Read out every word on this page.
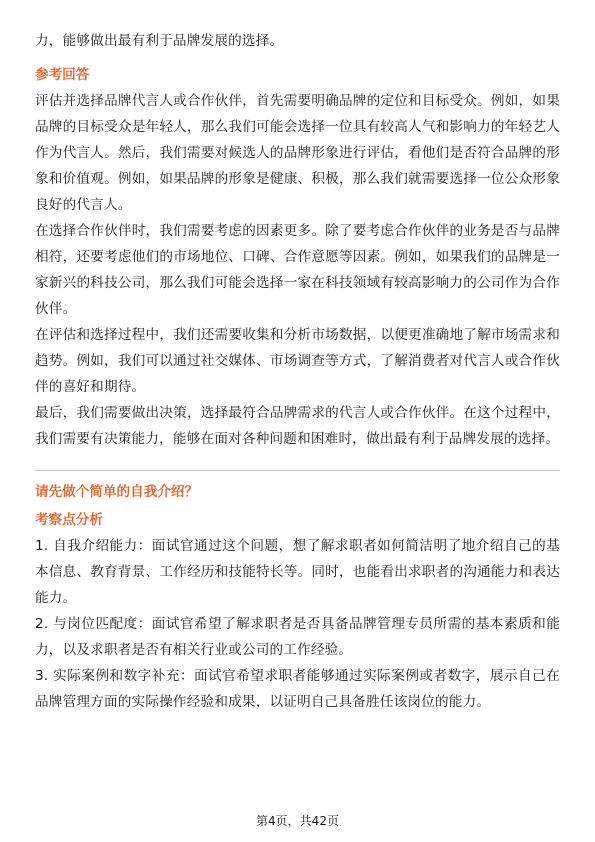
力，能够做出最有利于品牌发展的选择。

参考回答

评估并选择品牌代言人或合作伙伴，首先需要明确品牌的定位和目标受众。例如，如果品牌的目标受众是年轻人，那么我们可能会选择一位具有较高人气和影响力的年轻艺人作为代言人。然后，我们需要对候选人的品牌形象进行评估，看他们是否符合品牌的形象和价值观。例如，如果品牌的形象是健康、积极，那么我们就需要选择一位公众形象良好的代言人。

在选择合作伙伴时，我们需要考虑的因素更多。除了要考虑合作伙伴的业务是否与品牌相符，还要考虑他们的市场地位、口碑、合作意愿等因素。例如，如果我们的品牌是一家新兴的科技公司，那么我们可能会选择一家在科技领域有较高影响力的公司作为合作伙伴。

在评估和选择过程中，我们还需要收集和分析市场数据，以便更准确地了解市场需求和趋势。例如，我们可以通过社交媒体、市场调查等方式，了解消费者对代言人或合作伙伴的喜好和期待。

最后，我们需要做出决策，选择最符合品牌需求的代言人或合作伙伴。在这个过程中，我们需要有决策能力，能够在面对各种问题和困难时，做出最有利于品牌发展的选择。

请先做个简单的自我介绍？
考察点分析

1. 自我介绍能力：面试官通过这个问题，想了解求职者如何简洁明了地介绍自己的基本信息、教育背景、工作经历和技能特长等。同时，也能看出求职者的沟通能力和表达能力。

2. 与岗位匹配度：面试官希望了解求职者是否具备品牌管理专员所需的基本素质和能力，以及求职者是否有相关行业或公司的工作经验。

3. 实际案例和数字补充：面试官希望求职者能够通过实际案例或者数字，展示自己在品牌管理方面的实际操作经验和成果，以证明自己具备胜任该岗位的能力。

第4页，共42页
